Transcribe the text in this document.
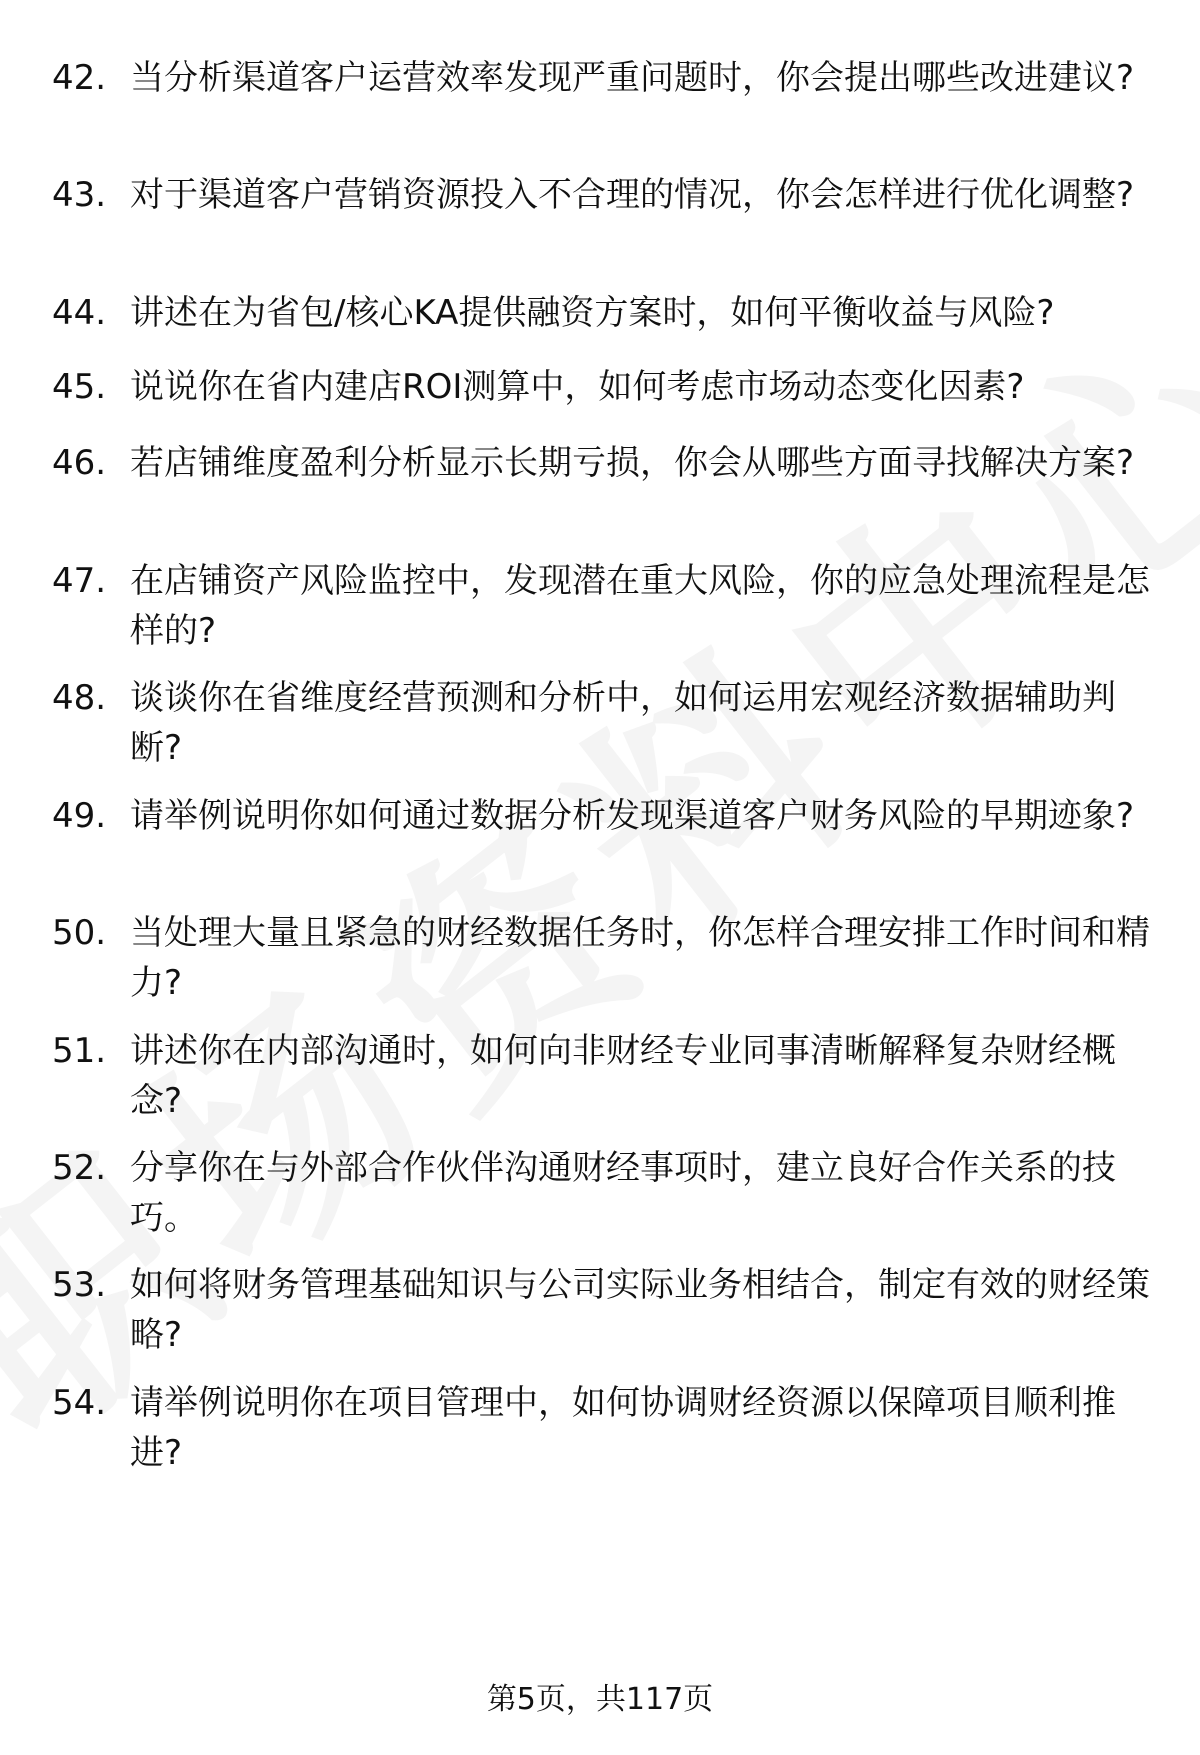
42. 当分析渠道客户运营效率发现严重问题时，你会提出哪些改进建议?
43. 对于渠道客户营销资源投入不合理的情况，你会怎样进行优化调整?
44. 讲述在为省包/核心KA提供融资方案时，如何平衡收益与风险?
45. 说说你在省内建店ROI测算中，如何考虑市场动态变化因素?
46. 若店铺维度盈利分析显示长期亏损，你会从哪些方面寻找解决方案?
47. 在店铺资产风险监控中，发现潜在重大风险，你的应急处理流程是怎样的?
48. 谈谈你在省维度经营预测和分析中，如何运用宏观经济数据辅助判断?
49. 请举例说明你如何通过数据分析发现渠道客户财务风险的早期迹象?
50. 当处理大量且紧急的财经数据任务时，你怎样合理安排工作时间和精力?
51. 讲述你在内部沟通时，如何向非财经专业同事清晰解释复杂财经概念?
52. 分享你在与外部合作伙伴沟通财经事项时，建立良好合作关系的技巧。
53. 如何将财务管理基础知识与公司实际业务相结合，制定有效的财经策略?
54. 请举例说明你在项目管理中，如何协调财经资源以保障项目顺利推进?
第5页，共117页
